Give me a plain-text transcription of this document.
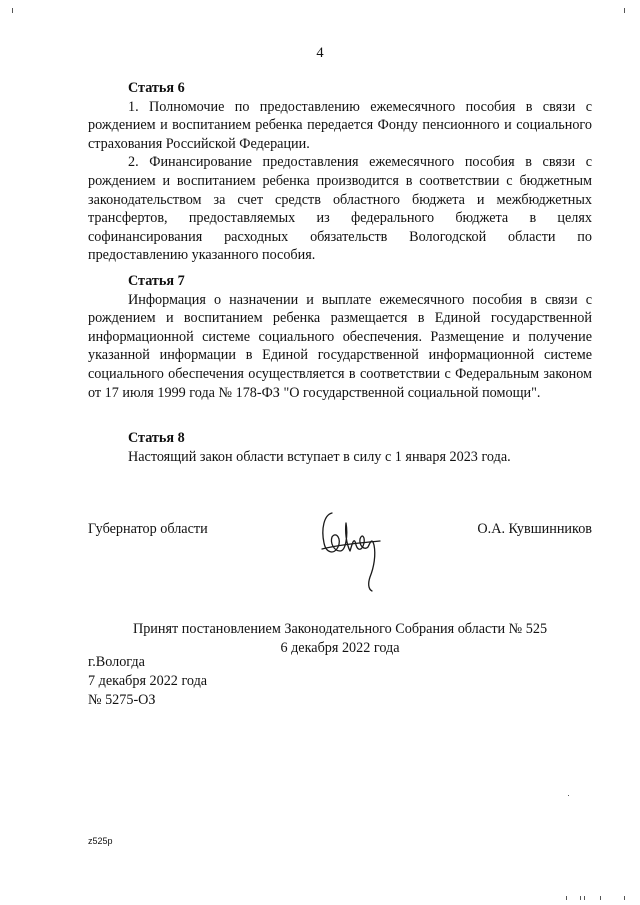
4

Статья 6

1. Полномочие по предоставлению ежемесячного пособия в связи с рождением и воспитанием ребенка передается Фонду пенсионного и социального страхования Российской Федерации.

2. Финансирование предоставления ежемесячного пособия в связи с рождением и воспитанием ребенка производится в соответствии с бюджетным законодательством за счет средств областного бюджета и межбюджетных трансфертов, предоставляемых из федерального бюджета в целях софинансирования расходных обязательств Вологодской области по предоставлению указанного пособия.

Статья 7

Информация о назначении и выплате ежемесячного пособия в связи с рождением и воспитанием ребенка размещается в Единой государственной информационной системе социального обеспечения. Размещение и получение указанной информации в Единой государственной информационной системе социального обеспечения осуществляется в соответствии с Федеральным законом от 17 июля 1999 года № 178-ФЗ "О государственной социальной помощи".

Статья 8

Настоящий закон области вступает в силу с 1 января 2023 года.

Губернатор области	О.А. Кувшинников
Принят постановлением Законодательного Собрания области № 525
6 декабря 2022 года
г.Вологда
7 декабря 2022 года
№ 5275-ОЗ
z525p
